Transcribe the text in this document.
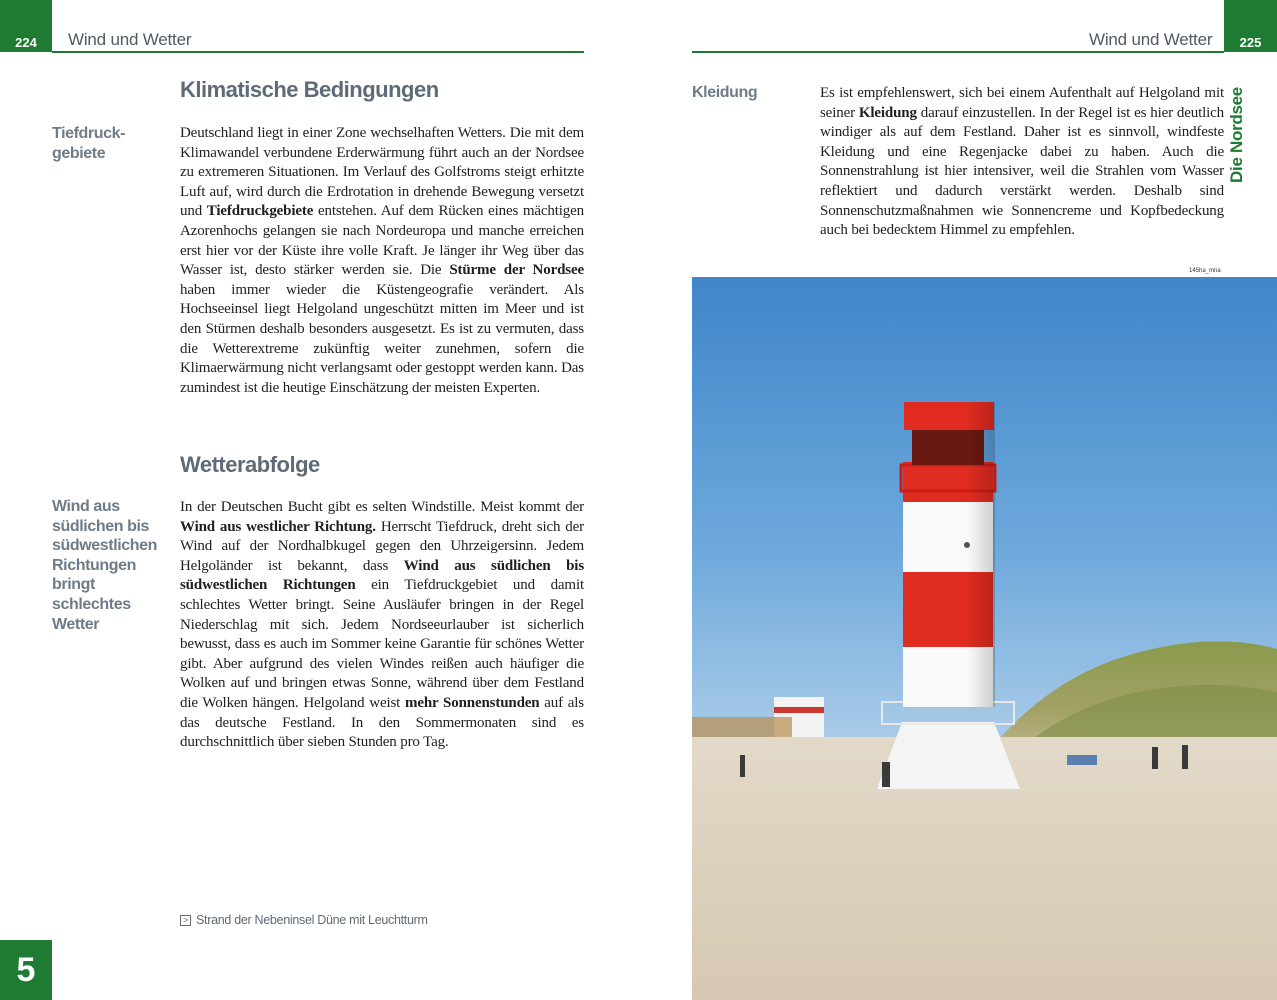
224 Wind und Wetter
Klimatische Bedingungen
Tiefdruck-
gebiete
Deutschland liegt in einer Zone wechselhaften Wetters. Die mit dem Klimawandel verbundene Erderwärmung führt auch an der Nordsee zu extremeren Situationen. Im Verlauf des Golfstroms steigt erhitzte Luft auf, wird durch die Erdrotation in drehende Bewegung versetzt und Tiefdruckgebiete entstehen. Auf dem Rücken eines mächtigen Azorenhochs gelangen sie nach Nordeuropa und manche erreichen erst hier vor der Küste ihre volle Kraft. Je länger ihr Weg über das Wasser ist, desto stärker werden sie. Die Stürme der Nordsee haben immer wieder die Küstengeografie verändert. Als Hochseeinsel liegt Helgoland ungeschützt mitten im Meer und ist den Stürmen deshalb besonders ausgesetzt. Es ist zu vermuten, dass die Wetterextreme zukünftig weiter zunehmen, sofern die Klimaerwärmung nicht verlangsamt oder gestoppt werden kann. Das zumindest ist die heutige Einschätzung der meisten Experten.
Wetterabfolge
Wind aus südlichen bis südwestlichen Richtungen bringt schlechtes Wetter
In der Deutschen Bucht gibt es selten Windstille. Meist kommt der Wind aus westlicher Richtung. Herrscht Tiefdruck, dreht sich der Wind auf der Nordhalbkugel gegen den Uhrzeigersinn. Jedem Helgoländer ist bekannt, dass Wind aus südlichen bis südwestlichen Richtungen ein Tiefdruckgebiet und damit schlechtes Wetter bringt. Seine Ausläufer bringen in der Regel Niederschlag mit sich. Jedem Nordseeurlauber ist sicherlich bewusst, dass es auch im Sommer keine Garantie für schönes Wetter gibt. Aber aufgrund des vielen Windes reißen auch häufiger die Wolken auf und bringen etwas Sonne, während über dem Festland die Wolken hängen. Helgoland weist mehr Sonnenstunden auf als das deutsche Festland. In den Sommermonaten sind es durchschnittlich über sieben Stunden pro Tag.
> Strand der Nebeninsel Düne mit Leuchtturm
5
Wind und Wetter 225
Die Nordsee
Kleidung	Es ist empfehlenswert, sich bei einem Aufenthalt auf Helgoland mit seiner Kleidung darauf einzustellen. In der Regel ist es hier deutlich windiger als auf dem Festland. Daher ist es sinnvoll, windfeste Kleidung und eine Regenjacke dabei zu haben. Auch die Sonnenstrahlung ist hier intensiver, weil die Strahlen vom Wasser reflektiert und dadurch verstärkt werden. Deshalb sind Sonnenschutzmaßnahmen wie Sonnencreme und Kopfbedeckung auch bei bedecktem Himmel zu empfehlen.
145ha_mna
